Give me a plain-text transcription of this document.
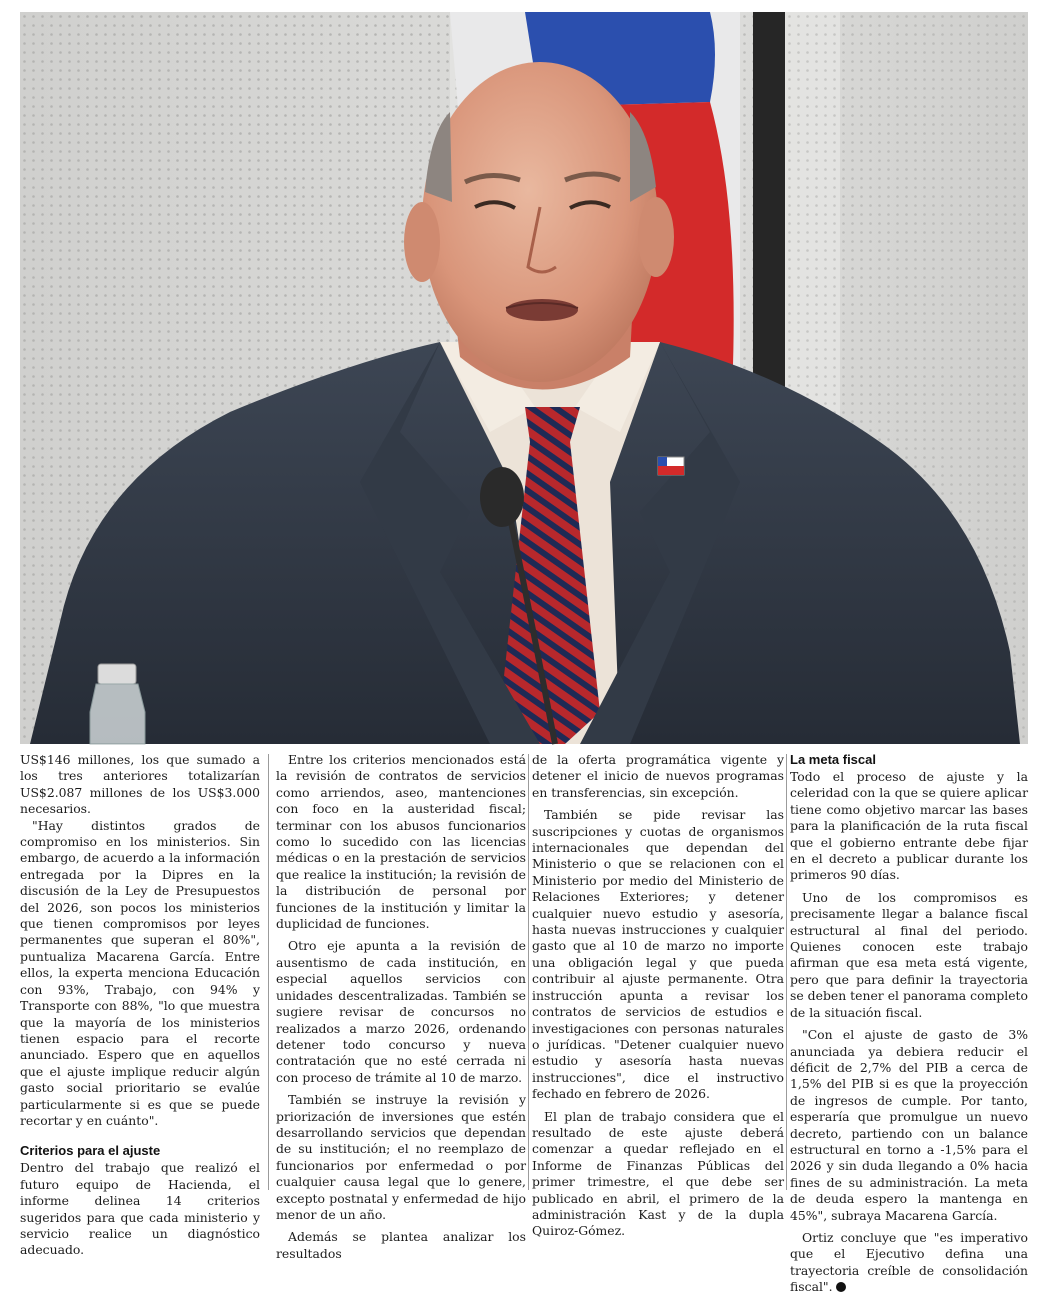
US$146 millones, los que sumado a los tres anteriores totalizarían US$2.087 millones de los US$3.000 necesarios.

"Hay distintos grados de compromiso en los ministerios. Sin embargo, de acuerdo a la información entregada por la Dipres en la discusión de la Ley de Presupuestos del 2026, son pocos los ministerios que tienen compromisos por leyes permanentes que superan el 80%", puntualiza Macarena García. Entre ellos, la experta menciona Educación con 93%, Trabajo, con 94% y Transporte con 88%, "lo que muestra que la mayoría de los ministerios tienen espacio para el recorte anunciado. Espero que en aquellos que el ajuste implique reducir algún gasto social prioritario se evalúe particularmente si es que se puede recortar y en cuánto".

Criterios para el ajuste

Dentro del trabajo que realizó el futuro equipo de Hacienda, el informe delinea 14 criterios sugeridos para que cada ministerio y servicio realice un diagnóstico adecuado.

Entre los criterios mencionados está la revisión de contratos de servicios como arriendos, aseo, mantenciones con foco en la austeridad fiscal; terminar con los abusos funcionarios como lo sucedido con las licencias médicas o en la prestación de servicios que realice la institución; la revisión de la distribución de personal por funciones de la institución y limitar la duplicidad de funciones.

Otro eje apunta a la revisión de ausentismo de cada institución, en especial aquellos servicios con unidades descentralizadas. También se sugiere revisar de concursos no realizados a marzo 2026, ordenando detener todo concurso y nueva contratación que no esté cerrada ni con proceso de trámite al 10 de marzo.

También se instruye la revisión y priorización de inversiones que estén desarrollando servicios que dependan de su institución; el no reemplazo de funcionarios por enfermedad o por cualquier causa legal que lo genere, excepto postnatal y enfermedad de hijo menor de un año.

Además se plantea analizar los resultados

de la oferta programática vigente y detener el inicio de nuevos programas en transferencias, sin excepción.

También se pide revisar las suscripciones y cuotas de organismos internacionales que dependan del Ministerio o que se relacionen con el Ministerio por medio del Ministerio de Relaciones Exteriores; y detener cualquier nuevo estudio y asesoría, hasta nuevas instrucciones y cualquier gasto que al 10 de marzo no importe una obligación legal y que pueda contribuir al ajuste permanente. Otra instrucción apunta a revisar los contratos de servicios de estudios e investigaciones con personas naturales o jurídicas. "Detener cualquier nuevo estudio y asesoría hasta nuevas instrucciones", dice el instructivo fechado en febrero de 2026.

El plan de trabajo considera que el resultado de este ajuste deberá comenzar a quedar reflejado en el Informe de Finanzas Públicas del primer trimestre, el que debe ser publicado en abril, el primero de la administración Kast y de la dupla Quiroz-Gómez.

La meta fiscal

Todo el proceso de ajuste y la celeridad con la que se quiere aplicar tiene como objetivo marcar las bases para la planificación de la ruta fiscal que el gobierno entrante debe fijar en el decreto a publicar durante los primeros 90 días.

Uno de los compromisos es precisamente llegar a balance fiscal estructural al final del periodo. Quienes conocen este trabajo afirman que esa meta está vigente, pero que para definir la trayectoria se deben tener el panorama completo de la situación fiscal.

"Con el ajuste de gasto de 3% anunciada ya debiera reducir el déficit de 2,7% del PIB a cerca de 1,5% del PIB si es que la proyección de ingresos de cumple. Por tanto, esperaría que promulgue un nuevo decreto, partiendo con un balance estructural en torno a -1,5% para el 2026 y sin duda llegando a 0% hacia fines de su administración. La meta de deuda espero la mantenga en 45%", subraya Macarena García.

Ortiz concluye que "es imperativo que el Ejecutivo defina una trayectoria creíble de consolidación fiscal".
